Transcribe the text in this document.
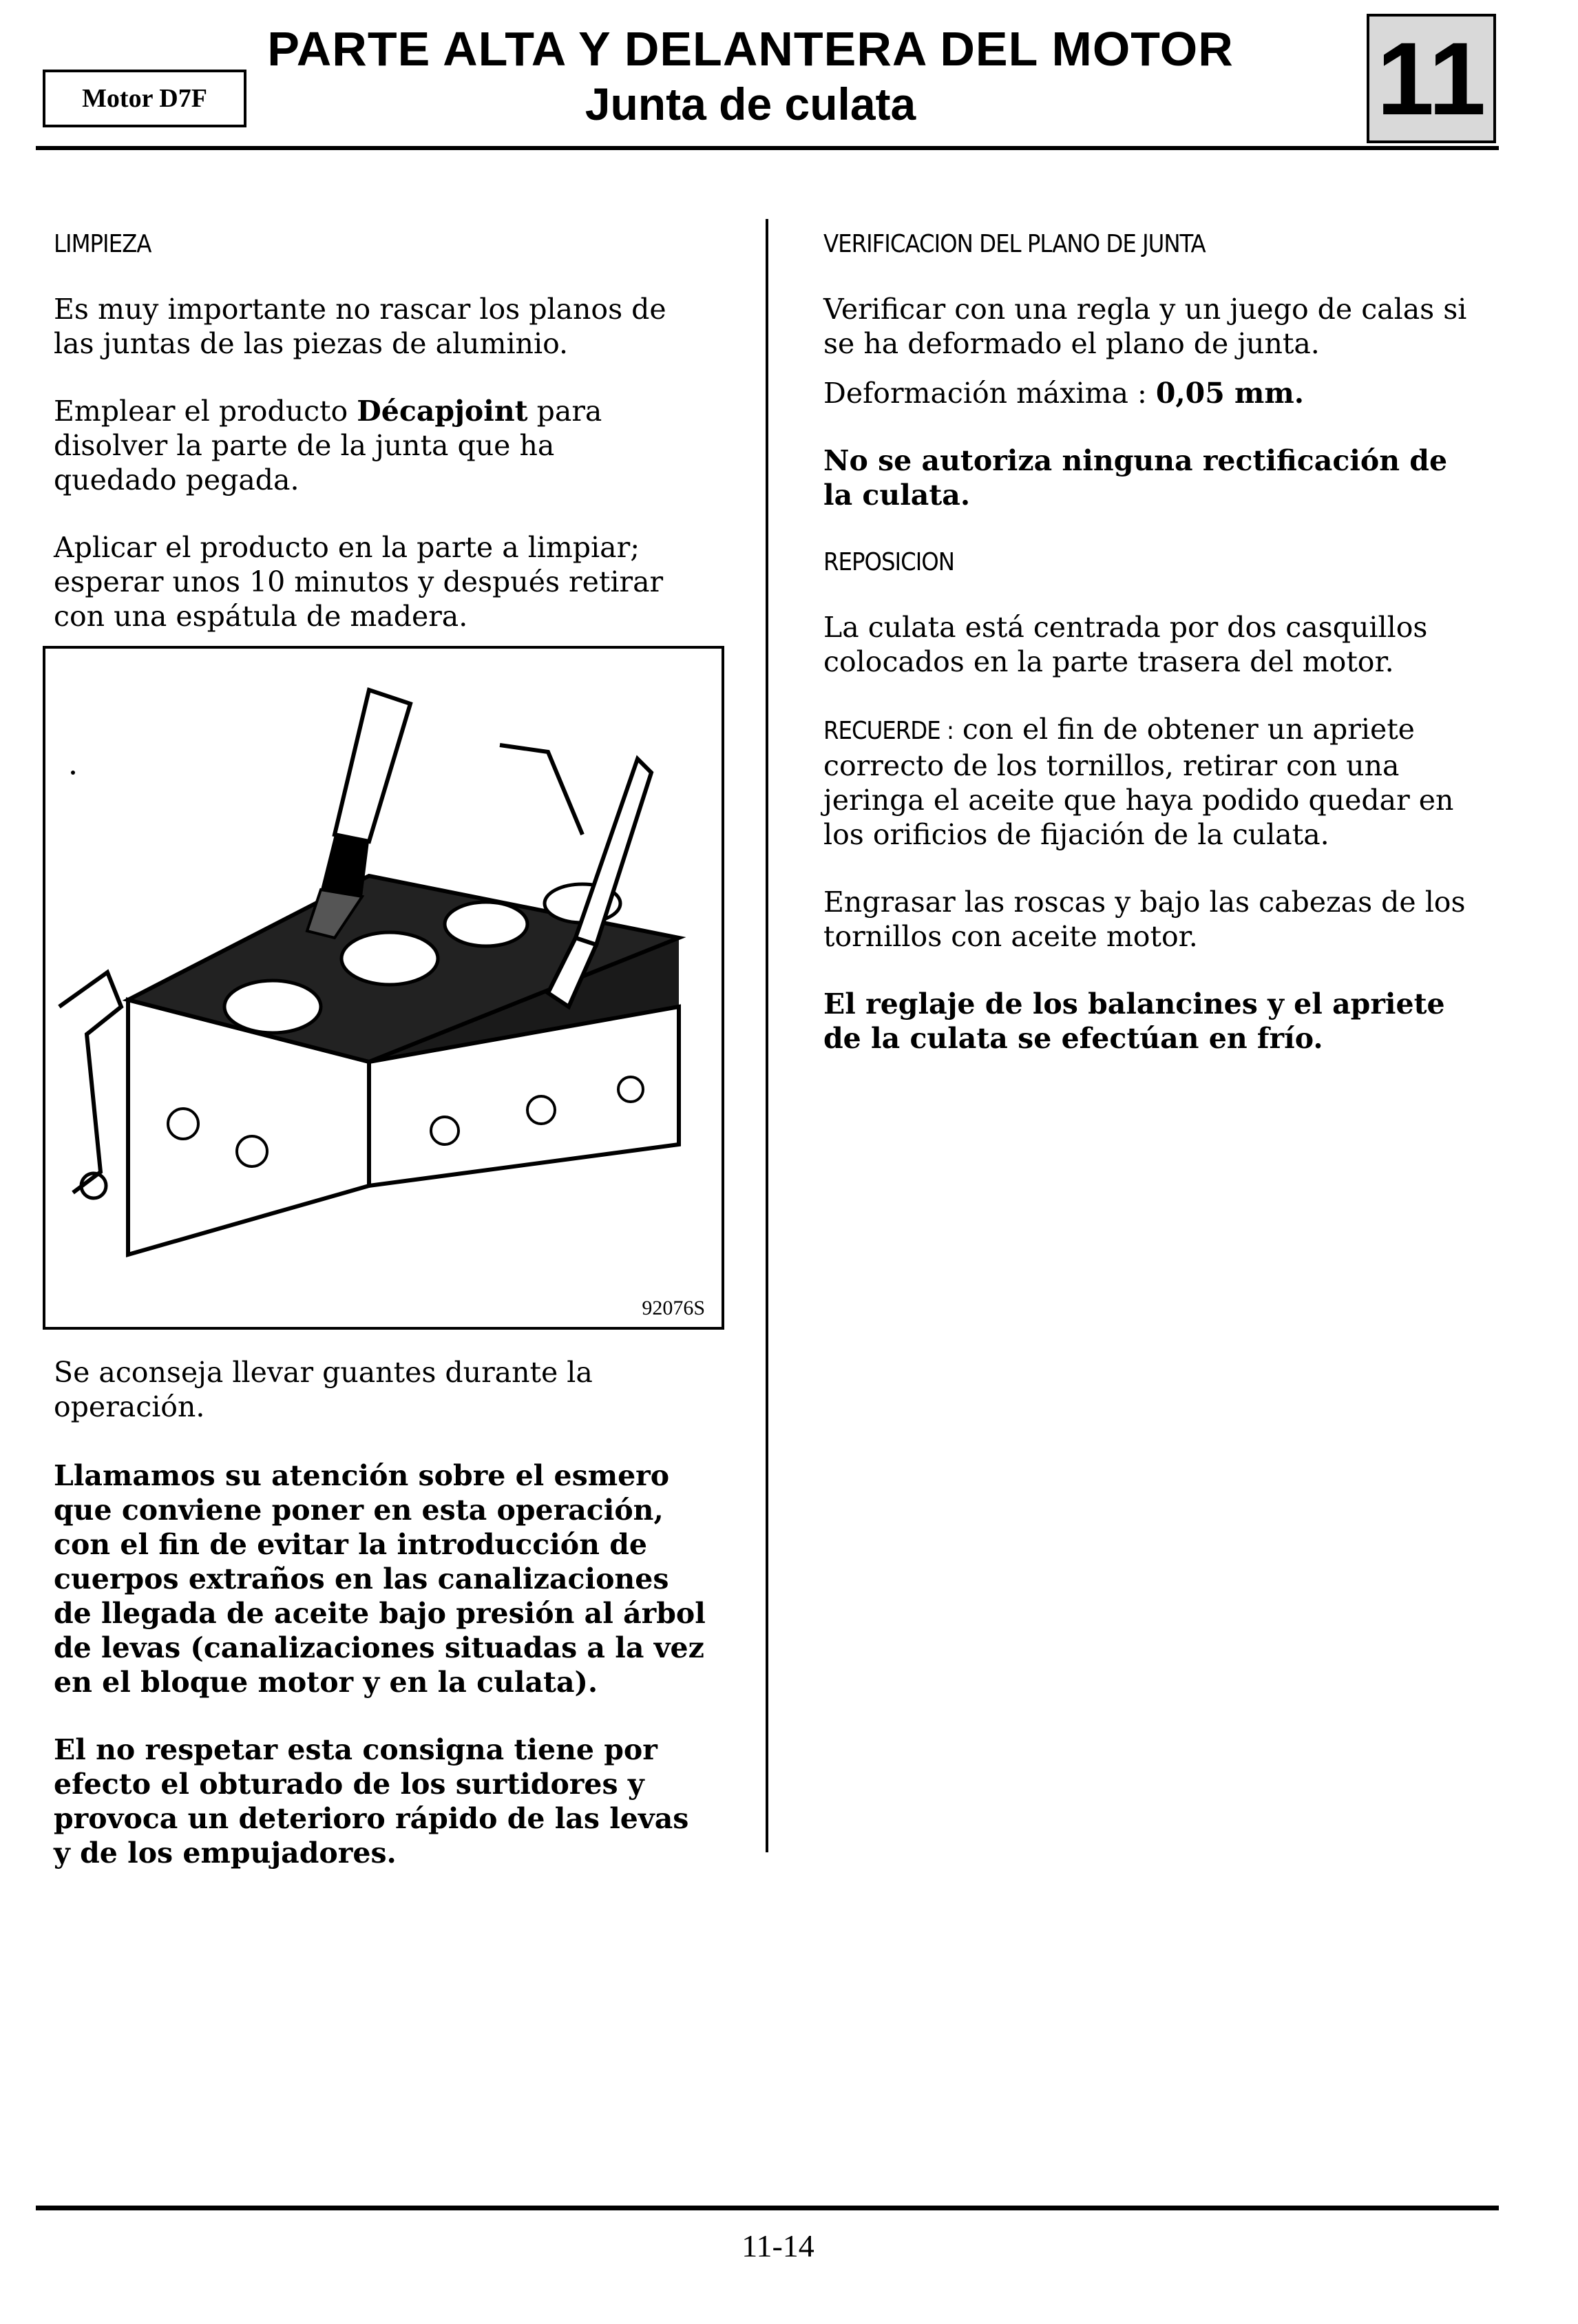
Motor D7F
PARTE ALTA Y DELANTERA DEL MOTOR
Junta de culata	11

LIMPIEZA

Es muy importante no rascar los planos de las juntas de las piezas de aluminio.

Emplear el producto Décapjoint para disolver la parte de la junta que ha quedado pegada.

Aplicar el producto en la parte a limpiar; esperar unos 10 minutos y después retirar con una espátula de madera.

92076S

Se aconseja llevar guantes durante la operación.

Llamamos su atención sobre el esmero que conviene poner en esta operación, con el fin de evitar la introducción de cuerpos extraños en las canalizaciones de llegada de aceite bajo presión al árbol de levas (canalizaciones situadas a la vez en el bloque motor y en la culata).

El no respetar esta consigna tiene por efecto el obturado de los surtidores y provoca un deterioro rápido de las levas y de los empujadores.

VERIFICACION DEL PLANO DE JUNTA

Verificar con una regla y un juego de calas si se ha deformado el plano de junta.

Deformación máxima : 0,05 mm.

No se autoriza ninguna rectificación de la culata.

REPOSICION

La culata está centrada por dos casquillos colocados en la parte trasera del motor.

RECUERDE : con el fin de obtener un apriete correcto de los tornillos, retirar con una jeringa el aceite que haya podido quedar en los orificios de fijación de la culata.

Engrasar las roscas y bajo las cabezas de los tornillos con aceite motor.

El reglaje de los balancines y el apriete de la culata se efectúan en frío.

11-14
